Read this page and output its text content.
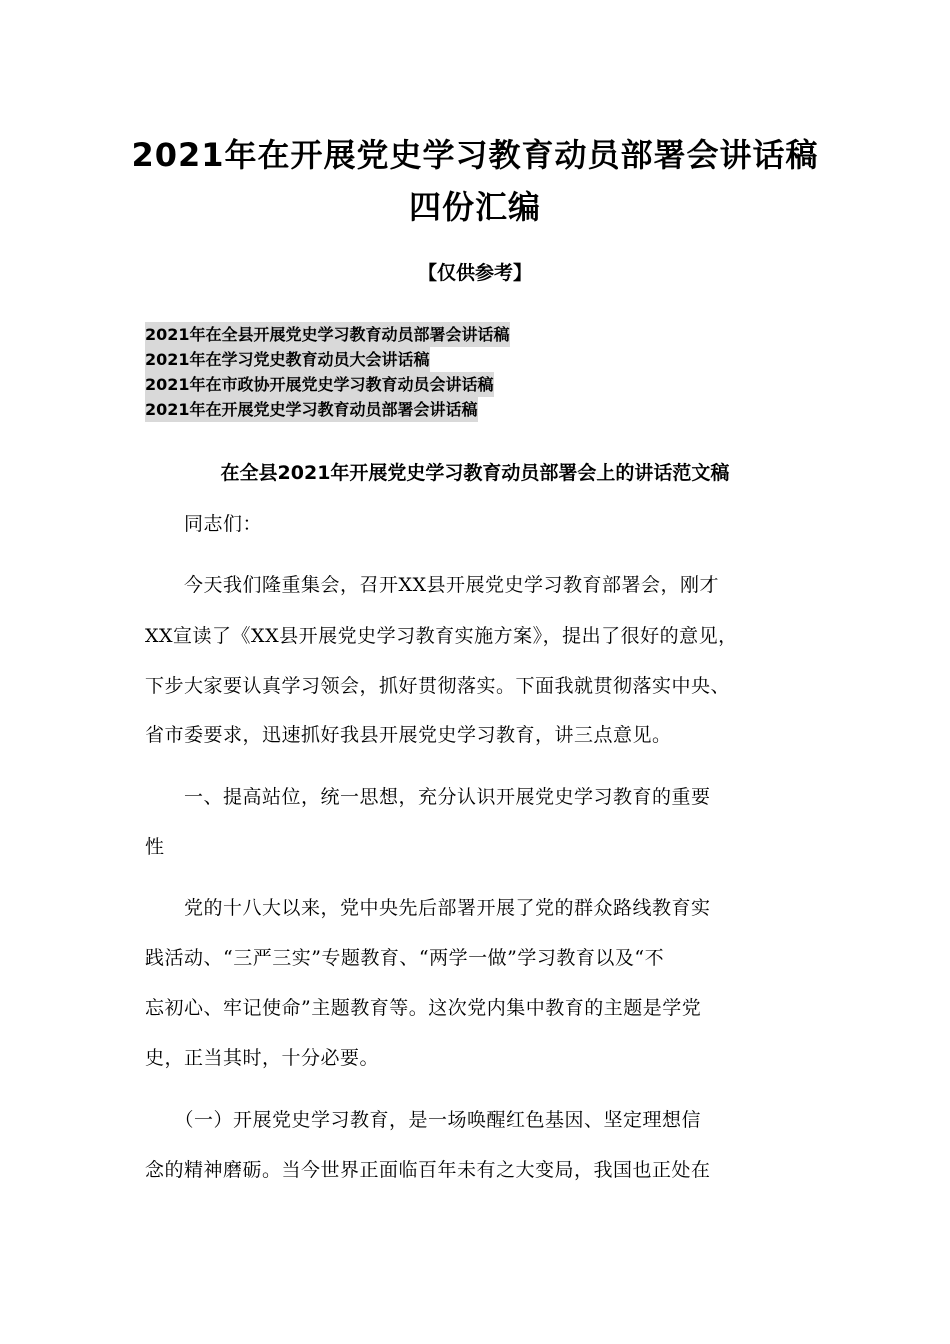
2021年在开展党史学习教育动员部署会讲话稿
四份汇编
【仅供参考】
2021年在全县开展党史学习教育动员部署会讲话稿
2021年在学习党史教育动员大会讲话稿
2021年在市政协开展党史学习教育动员会讲话稿
2021年在开展党史学习教育动员部署会讲话稿
在全县2021年开展党史学习教育动员部署会上的讲话范文稿
　　同志们：
　　今天我们隆重集会，召开XX县开展党史学习教育部署会，刚才
XX宣读了《XX县开展党史学习教育实施方案》，提出了很好的意见，
下步大家要认真学习领会，抓好贯彻落实。下面我就贯彻落实中央、
省市委要求，迅速抓好我县开展党史学习教育，讲三点意见。
　　一、提高站位，统一思想，充分认识开展党史学习教育的重要
性
　　党的十八大以来，党中央先后部署开展了党的群众路线教育实
践活动、“三严三实”专题教育、“两学一做”学习教育以及“不
忘初心、牢记使命”主题教育等。这次党内集中教育的主题是学党
史，正当其时，十分必要。
　　（一）开展党史学习教育，是一场唤醒红色基因、坚定理想信
念的精神磨砺。当今世界正面临百年未有之大变局，我国也正处在
